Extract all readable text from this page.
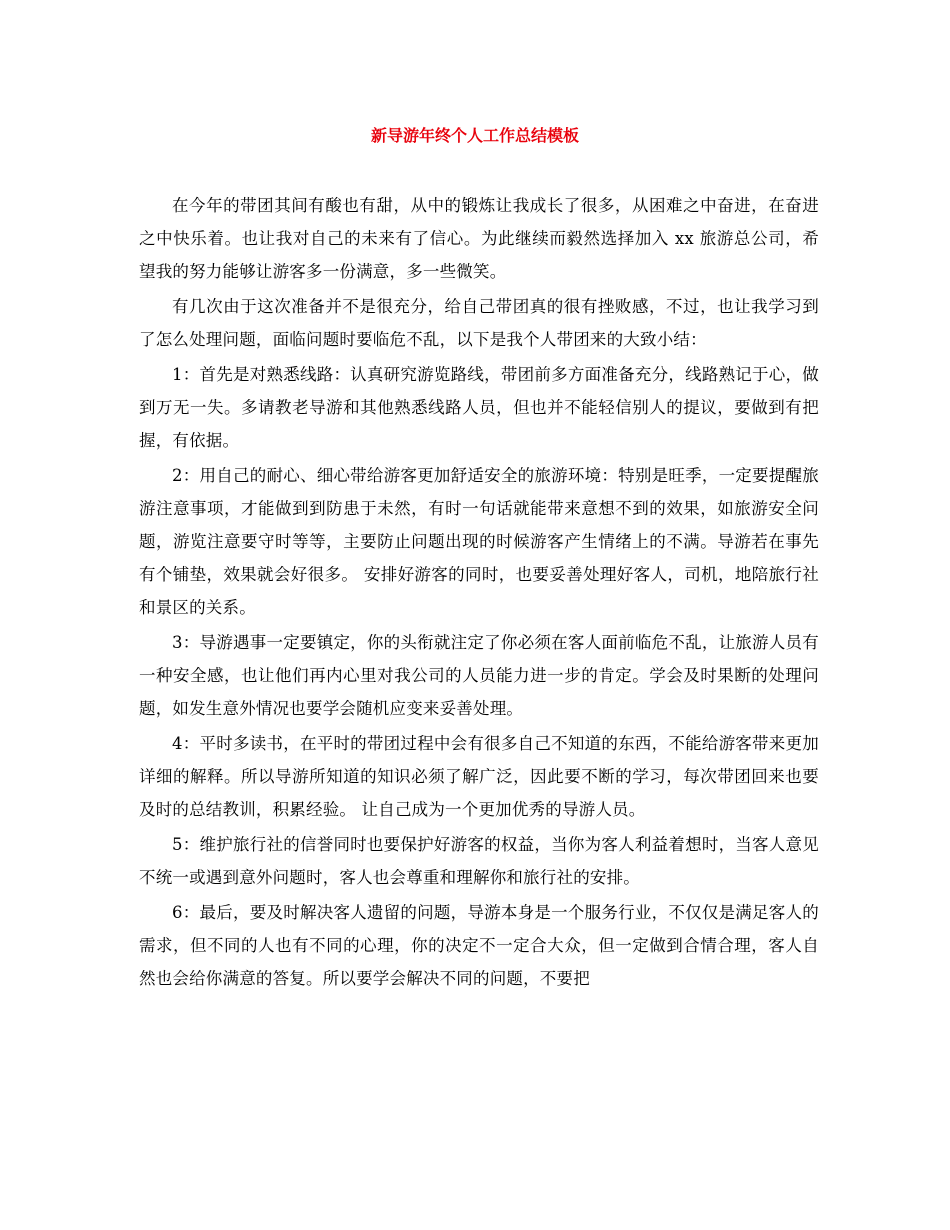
新导游年终个人工作总结模板

在今年的带团其间有酸也有甜，从中的锻炼让我成长了很多，从困难之中奋进，在奋进之中快乐着。也让我对自己的未来有了信心。为此继续而毅然选择加入 xx 旅游总公司，希望我的努力能够让游客多一份满意，多一些微笑。

有几次由于这次准备并不是很充分，给自己带团真的很有挫败感，不过，也让我学习到了怎么处理问题，面临问题时要临危不乱，以下是我个人带团来的大致小结：

1：首先是对熟悉线路：认真研究游览路线，带团前多方面准备充分，线路熟记于心，做到万无一失。多请教老导游和其他熟悉线路人员，但也并不能轻信别人的提议，要做到有把握，有依据。

2：用自己的耐心、细心带给游客更加舒适安全的旅游环境：特别是旺季，一定要提醒旅游注意事项，才能做到到防患于未然，有时一句话就能带来意想不到的效果，如旅游安全问题，游览注意要守时等等，主要防止问题出现的时候游客产生情绪上的不满。导游若在事先有个铺垫，效果就会好很多。 安排好游客的同时，也要妥善处理好客人，司机，地陪旅行社和景区的关系。

3：导游遇事一定要镇定，你的头衔就注定了你必须在客人面前临危不乱，让旅游人员有一种安全感，也让他们再内心里对我公司的人员能力进一步的肯定。学会及时果断的处理问题，如发生意外情况也要学会随机应变来妥善处理。

4：平时多读书，在平时的带团过程中会有很多自己不知道的东西，不能给游客带来更加详细的解释。所以导游所知道的知识必须了解广泛，因此要不断的学习，每次带团回来也要及时的总结教训，积累经验。 让自己成为一个更加优秀的导游人员。

5：维护旅行社的信誉同时也要保护好游客的权益，当你为客人利益着想时，当客人意见不统一或遇到意外问题时，客人也会尊重和理解你和旅行社的安排。

6：最后，要及时解决客人遗留的问题，导游本身是一个服务行业，不仅仅是满足客人的需求，但不同的人也有不同的心理，你的决定不一定合大众，但一定做到合情合理，客人自然也会给你满意的答复。所以要学会解决不同的问题，不要把
